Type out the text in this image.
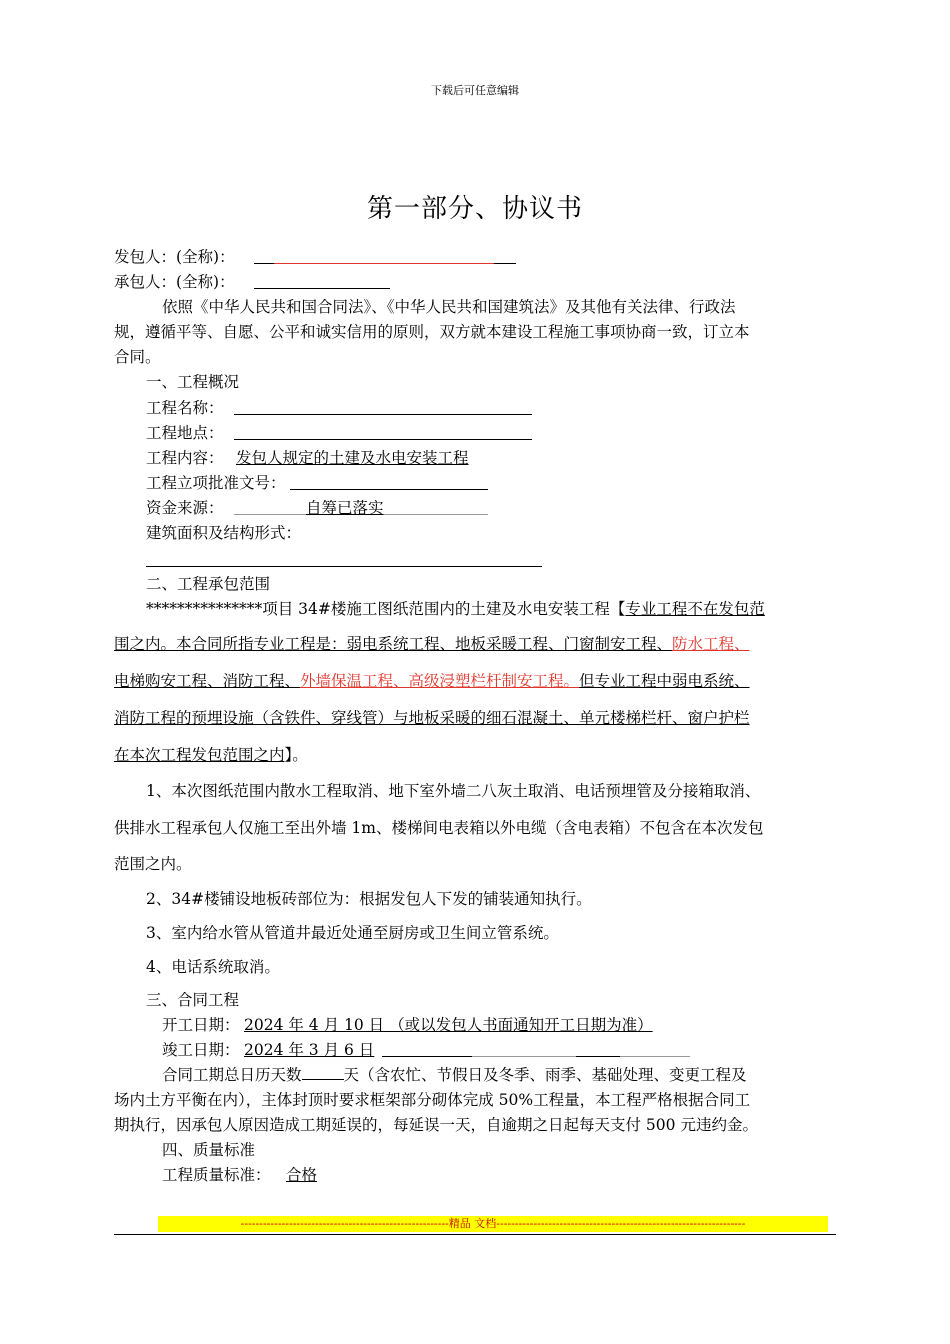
下载后可任意编辑
第一部分、协议书
发包人：(全称)：
承包人：(全称)：
依照《中华人民共和国合同法》、《中华人民共和国建筑法》及其他有关法律、行政法
规，遵循平等、自愿、公平和诚实信用的原则，双方就本建设工程施工事项协商一致，订立本
合同。
一、工程概况
工程名称：
工程地点：
工程内容： 发包人规定的土建及水电安装工程
工程立项批准文号：
资金来源：	自筹已落实
建筑面积及结构形式：
二、工程承包范围
***************项目 34#楼施工图纸范围内的土建及水电安装工程【专业工程不在发包范
围之内。本合同所指专业工程是：弱电系统工程、地板采暖工程、门窗制安工程、防水工程、
电梯购安工程、消防工程、外墙保温工程、高级浸塑栏杆制安工程。但专业工程中弱电系统、
消防工程的预埋设施（含铁件、穿线管）与地板采暖的细石混凝土、单元楼梯栏杆、窗户护栏
在本次工程发包范围之内】。
1、本次图纸范围内散水工程取消、地下室外墙二八灰土取消、电话预埋管及分接箱取消、
供排水工程承包人仅施工至出外墙 1m、楼梯间电表箱以外电缆（含电表箱）不包含在本次发包
范围之内。
2、34#楼铺设地板砖部位为：根据发包人下发的铺装通知执行。
3、室内给水管从管道井最近处通至厨房或卫生间立管系统。
4、电话系统取消。
三、合同工程
开工日期： 2024 年 4 月 10 日 （或以发包人书面通知开工日期为准）
竣工日期： 2024 年 3 月 6 日
合同工期总日历天数	天（含农忙、节假日及冬季、雨季、基础处理、变更工程及
场内土方平衡在内），主体封顶时要求框架部分砌体完成 50%工程量，本工程严格根据合同工
期执行，因承包人原因造成工期延误的，每延误一天，自逾期之日起每天支付 500 元违约金。
四、质量标准
工程质量标准： 合格
--------------------------------------------------------精品 文档-------------------------------------------------------------------
